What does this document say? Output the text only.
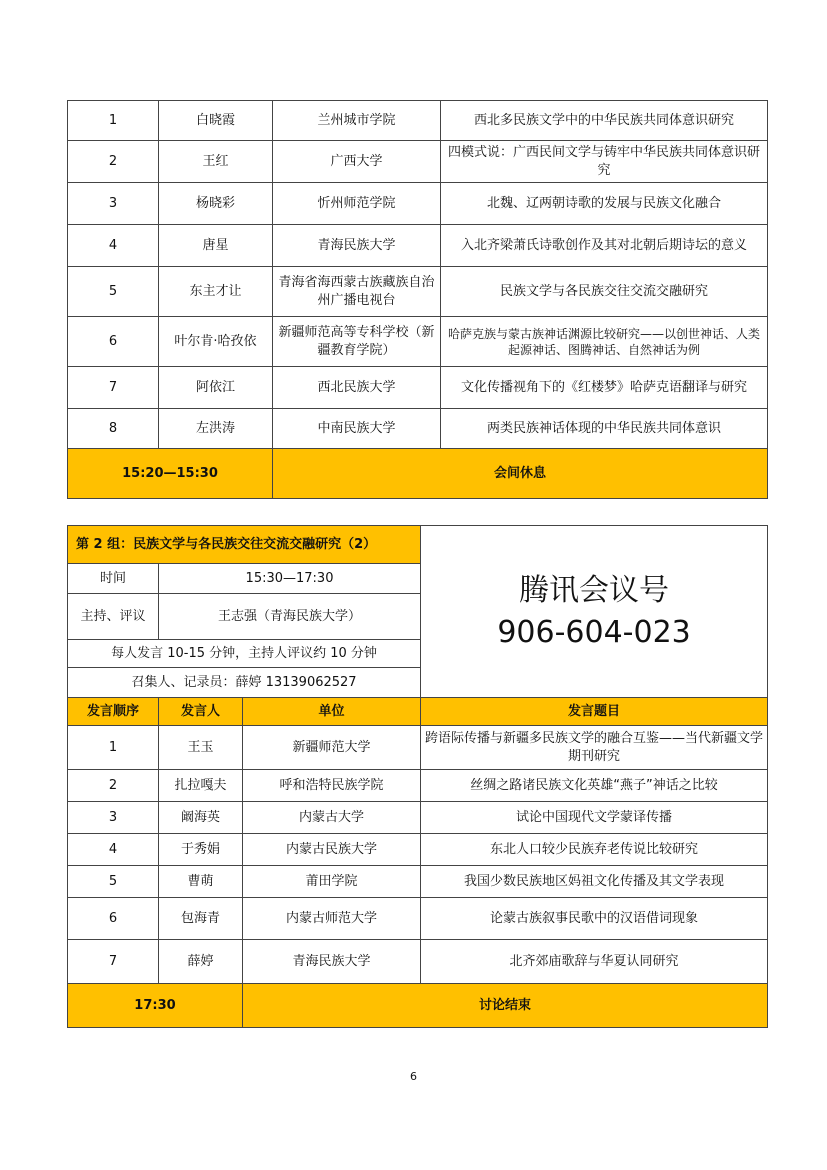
1	白晓霞	兰州城市学院	西北多民族文学中的中华民族共同体意识研究
2	王红	广西大学	四模式说：广西民间文学与铸牢中华民族共同体意识研究
3	杨晓彩	忻州师范学院	北魏、辽两朝诗歌的发展与民族文化融合
4	唐星	青海民族大学	入北齐梁萧氏诗歌创作及其对北朝后期诗坛的意义
5	东主才让	青海省海西蒙古族藏族自治州广播电视台	民族文学与各民族交往交流交融研究
6	叶尔肯·哈孜依	新疆师范高等专科学校（新疆教育学院）	哈萨克族与蒙古族神话渊源比较研究——以创世神话、人类起源神话、图腾神话、自然神话为例
7	阿依江	西北民族大学	文化传播视角下的《红楼梦》哈萨克语翻译与研究
8	左洪涛	中南民族大学	两类民族神话体现的中华民族共同体意识
15:20—15:30		会间休息	
第 2 组：民族文学与各民族交往交流交融研究（2）			腾讯会议号
906-604-023

时间	15:30—17:30		
主持、评议	王志强（青海民族大学）		
每人发言 10-15 分钟，主持人评议约 10 分钟			
召集人、记录员：薛婷 13139062527			
发言顺序	发言人	单位	发言题目
1	王玉	新疆师范大学	跨语际传播与新疆多民族文学的融合互鉴——当代新疆文学期刊研究
2	扎拉嘎夫	呼和浩特民族学院	丝绸之路诸民族文化英雄“燕子”神话之比较
3	阚海英	内蒙古大学	试论中国现代文学蒙译传播
4	于秀娟	内蒙古民族大学	东北人口较少民族弃老传说比较研究
5	曹萌	莆田学院	我国少数民族地区妈祖文化传播及其文学表现
6	包海青	内蒙古师范大学	论蒙古族叙事民歌中的汉语借词现象
7	薛婷	青海民族大学	北齐郊庙歌辞与华夏认同研究
17:30		讨论结束	
6
